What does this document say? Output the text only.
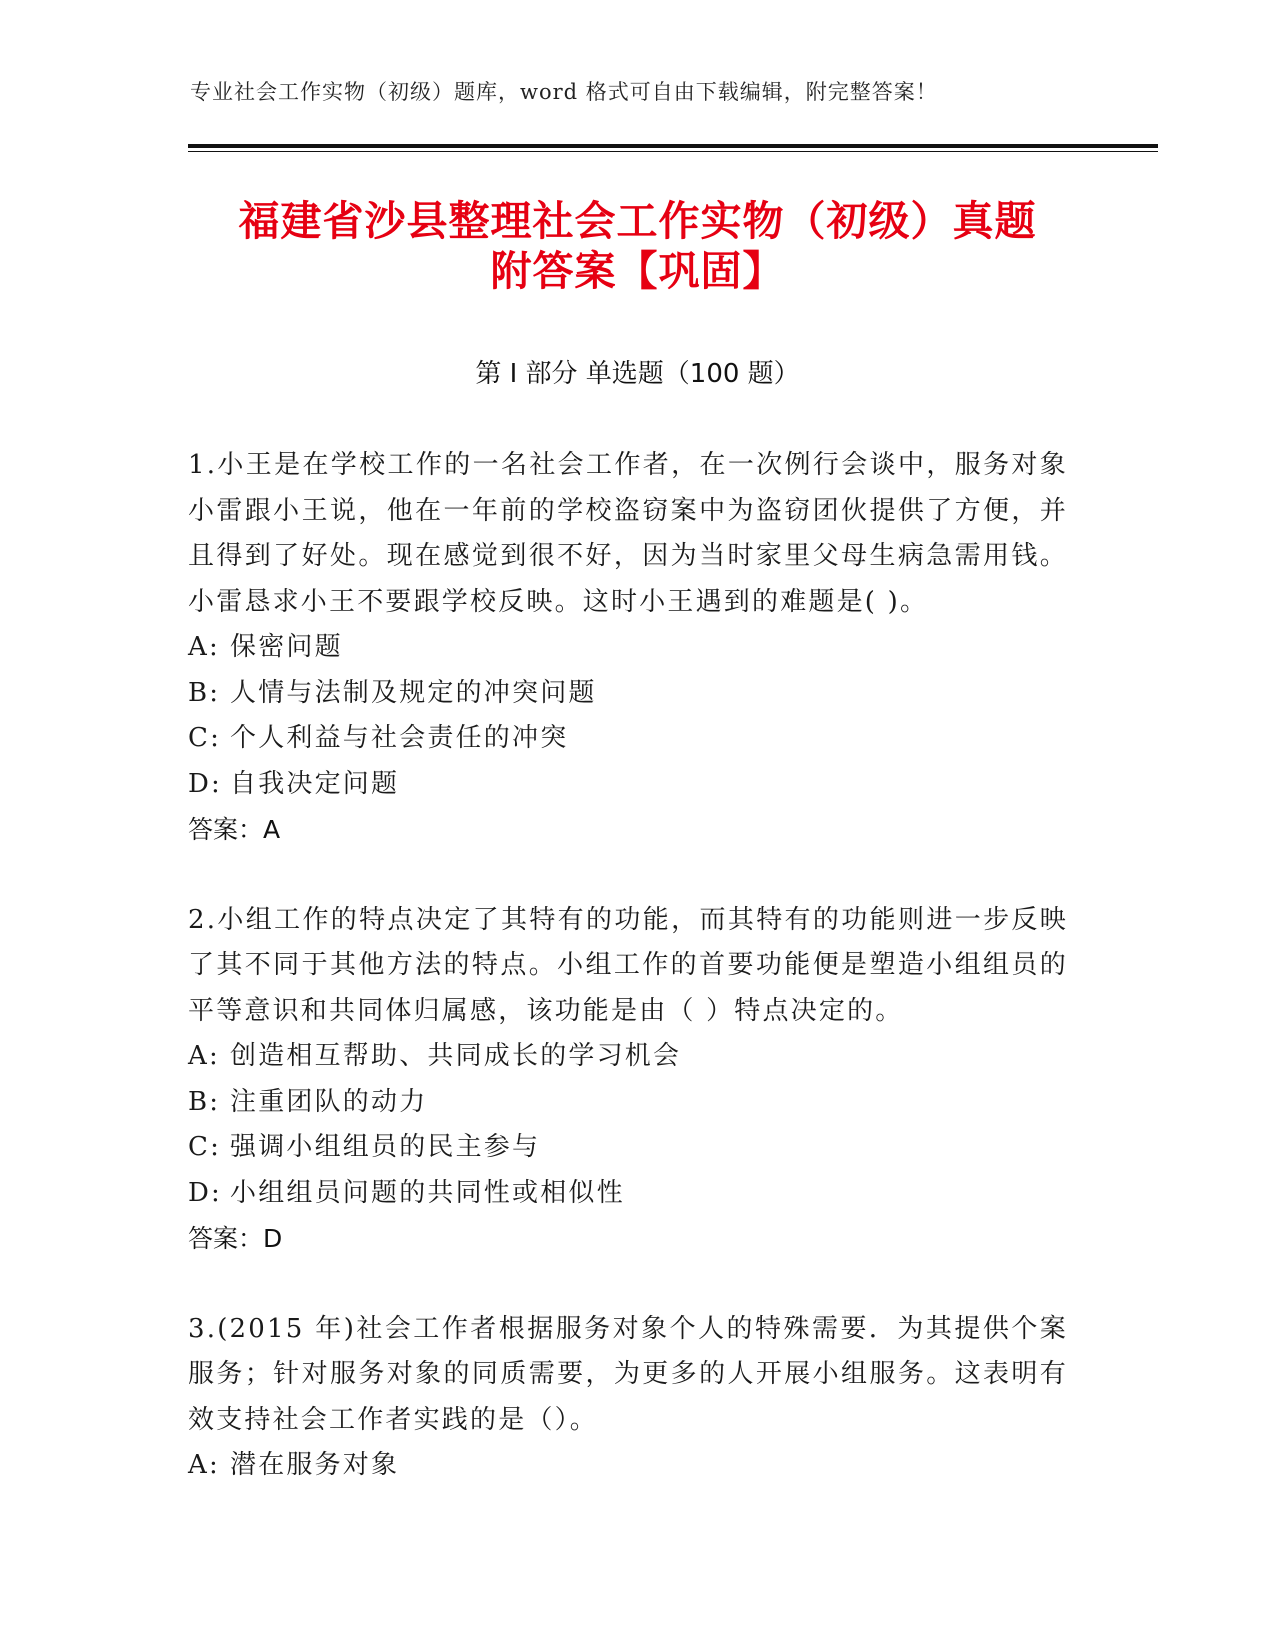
专业社会工作实物（初级）题库，word 格式可自由下载编辑，附完整答案！
福建省沙县整理社会工作实物（初级）真题
附答案【巩固】
第 I 部分 单选题（100 题）
1.小王是在学校工作的一名社会工作者，在一次例行会谈中，服务对象小雷跟小王说，他在一年前的学校盗窃案中为盗窃团伙提供了方便，并且得到了好处。现在感觉到很不好，因为当时家里父母生病急需用钱。小雷恳求小王不要跟学校反映。这时小王遇到的难题是( )。
A: 保密问题
B: 人情与法制及规定的冲突问题
C: 个人利益与社会责任的冲突
D: 自我决定问题
答案：A
2.小组工作的特点决定了其特有的功能，而其特有的功能则进一步反映了其不同于其他方法的特点。小组工作的首要功能便是塑造小组组员的平等意识和共同体归属感，该功能是由（ ）特点决定的。
A: 创造相互帮助、共同成长的学习机会
B: 注重团队的动力
C: 强调小组组员的民主参与
D: 小组组员问题的共同性或相似性
答案：D
3.(2015 年)社会工作者根据服务对象个人的特殊需要．为其提供个案服务；针对服务对象的同质需要，为更多的人开展小组服务。这表明有效支持社会工作者实践的是（）。
A: 潜在服务对象
